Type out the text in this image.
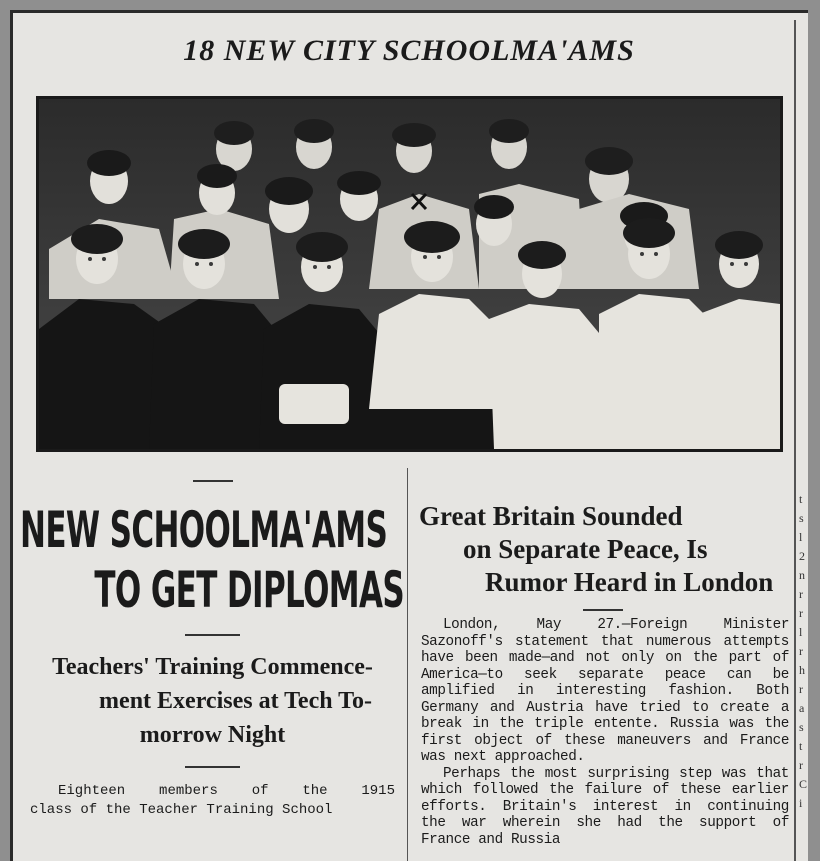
18 NEW CITY SCHOOLMA'AMS
NEW SCHOOLMA'AMS
TO GET DIPLOMAS
Teachers' Training Commence-
ment Exercises at Tech To-
morrow Night
Eighteen members of the 1915
class of the Teacher Training School
Great Britain Sounded
on Separate Peace, Is
Rumor Heard in London

London, May 27.—Foreign Minister Sazonoff's statement that numerous attempts have been made—and not only on the part of America—to seek separate peace can be amplified in interesting fashion. Both Germany and Austria have tried to create a break in the triple entente. Russia was the first object of these maneuvers and France was next approached.

Perhaps the most surprising step was that which followed the failure of these earlier efforts. Britain's interest in continuing the war wherein she had the support of France and Russia

t s l 2 n r r l r h r a s t r C i
